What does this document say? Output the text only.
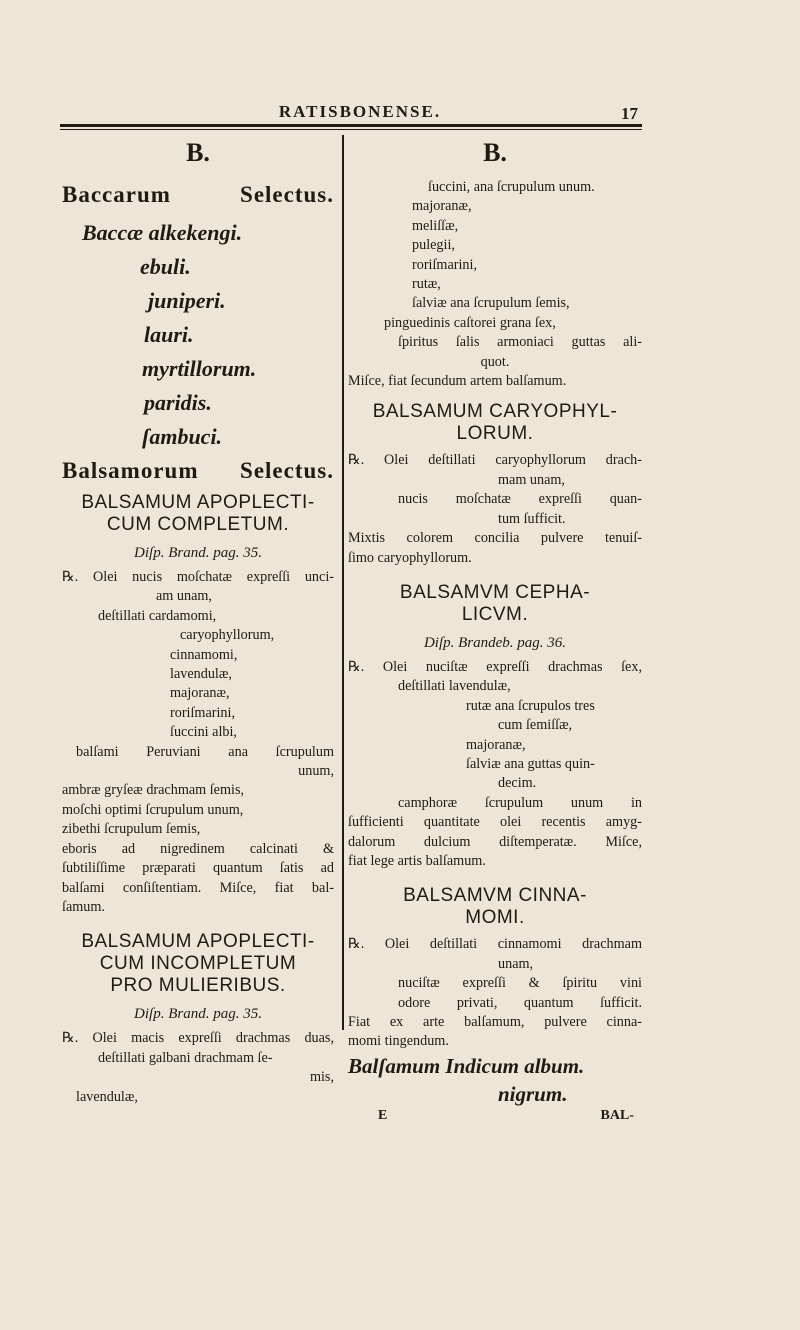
RATISBONENSE.	17
B.
Baccarum	Selectus.
Baccæ alkekengi.
ebuli.
juniperi.
lauri.
myrtillorum.
paridis.
ſambuci.
Balsamorum Selectus.
BALSAMUM APOPLECTI-
CUM COMPLETUM.
Diſp. Brand. pag. 35.
℞. Olei nucis moſchatæ expreſſi unci-
am unam,
deſtillati cardamomi,
caryophyllorum,
cinnamomi,
lavendulæ,
majoranæ,
roriſmarini,
ſuccini albi,
balſami Peruviani ana ſcrupulum
unum,
ambræ gryſeæ drachmam ſemis,
moſchi optimi ſcrupulum unum,
zibethi ſcrupulum ſemis,
eboris ad nigredinem calcinati &
ſubtiliſſime præparati quantum ſatis ad
balſami conſiſtentiam. Miſce, fiat bal-
ſamum.
BALSAMUM APOPLECTI-
CUM INCOMPLETUM
PRO MULIERIBUS.
Diſp. Brand. pag. 35.
℞. Olei macis expreſſi drachmas duas,
deſtillati galbani drachmam ſe-
mis,
lavendulæ,
B.
ſuccini, ana ſcrupulum unum.
majoranæ,
meliſſæ,
pulegii,
roriſmarini,
rutæ,
ſalviæ ana ſcrupulum ſemis,
pinguedinis caſtorei grana ſex,
ſpiritus ſalis armoniaci guttas ali-
quot.
Miſce, fiat ſecundum artem balſamum.
BALSAMUM CARYOPHYL-
LORUM.
℞. Olei deſtillati caryophyllorum drach-
mam unam,
nucis moſchatæ expreſſi quan-
tum ſufficit.
Mixtis colorem concilia pulvere tenuiſ-
ſimo caryophyllorum.
BALSAMVM CEPHA-
LICVM.
Diſp. Brandeb. pag. 36.
℞. Olei nuciſtæ expreſſi drachmas ſex,
deſtillati lavendulæ,
rutæ ana ſcrupulos tres
cum ſemiſſæ,
majoranæ,
ſalviæ ana guttas quin-
decim.
camphoræ ſcrupulum unum in
ſufficienti quantitate olei recentis amyg-
dalorum dulcium diſtemperatæ. Miſce,
fiat lege artis balſamum.
BALSAMVM CINNA-
MOMI.
℞. Olei deſtillati cinnamomi drachmam
unam,
nuciſtæ expreſſi & ſpiritu vini
odore privati, quantum ſufficit.
Fiat ex arte balſamum, pulvere cinna-
momi tingendum.
Balſamum Indicum album.
nigrum.
E	BAL-
